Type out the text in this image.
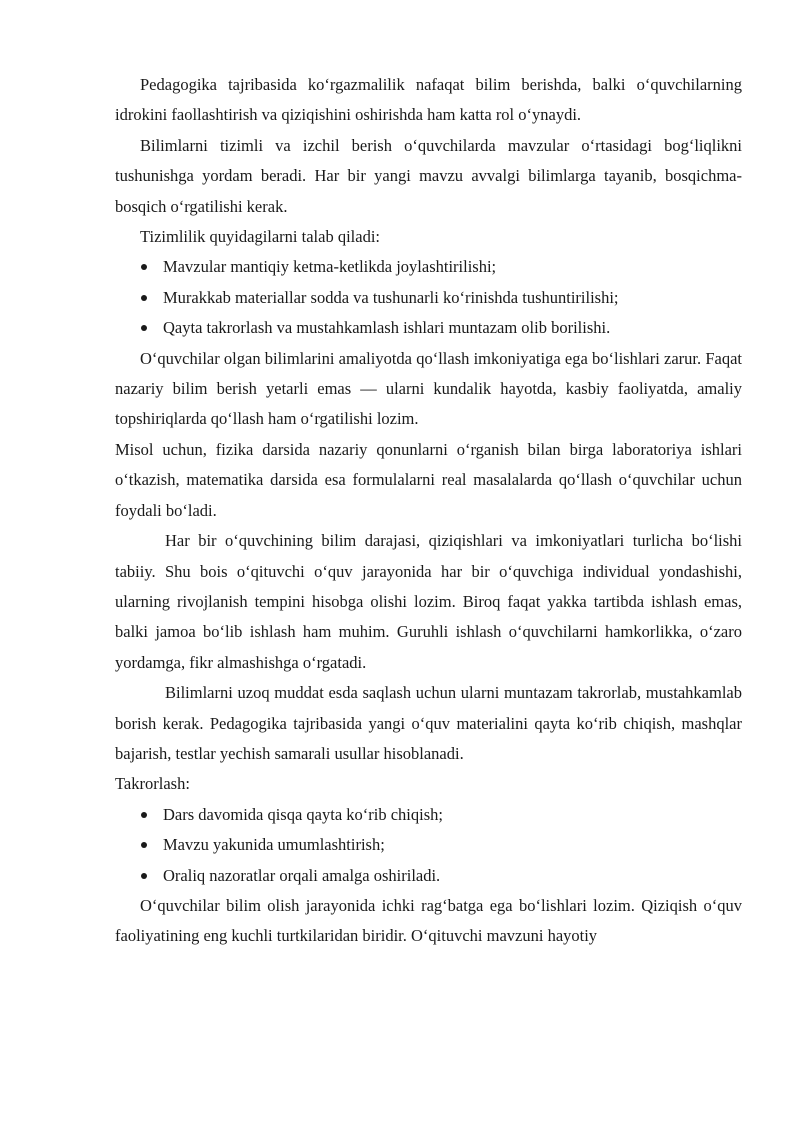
Pedagogika tajribasida ko‘rgazmalilik nafaqat bilim berishda, balki o‘quvchilarning idrokini faollashtirish va qiziqishini oshirishda ham katta rol o‘ynaydi.

Bilimlarni tizimli va izchil berish o‘quvchilarda mavzular o‘rtasidagi bog‘liqlikni tushunishga yordam beradi. Har bir yangi mavzu avvalgi bilimlarga tayanib, bosqichma-bosqich o‘rgatilishi kerak.

Tizimlilik quyidagilarni talab qiladi:

Mavzular mantiqiy ketma-ketlikda joylashtirilishi;
Murakkab materiallar sodda va tushunarli ko‘rinishda tushuntirilishi;
Qayta takrorlash va mustahkamlash ishlari muntazam olib borilishi.

O‘quvchilar olgan bilimlarini amaliyotda qo‘llash imkoniyatiga ega bo‘lishlari zarur. Faqat nazariy bilim berish yetarli emas — ularni kundalik hayotda, kasbiy faoliyatda, amaliy topshiriqlarda qo‘llash ham o‘rgatilishi lozim.

Misol uchun, fizika darsida nazariy qonunlarni o‘rganish bilan birga laboratoriya ishlari o‘tkazish, matematika darsida esa formulalarni real masalalarda qo‘llash o‘quvchilar uchun foydali bo‘ladi.

Har bir o‘quvchining bilim darajasi, qiziqishlari va imkoniyatlari turlicha bo‘lishi tabiiy. Shu bois o‘qituvchi o‘quv jarayonida har bir o‘quvchiga individual yondashishi, ularning rivojlanish tempini hisobga olishi lozim. Biroq faqat yakka tartibda ishlash emas, balki jamoa bo‘lib ishlash ham muhim. Guruhli ishlash o‘quvchilarni hamkorlikka, o‘zaro yordamga, fikr almashishga o‘rgatadi.

Bilimlarni uzoq muddat esda saqlash uchun ularni muntazam takrorlab, mustahkamlab borish kerak. Pedagogika tajribasida yangi o‘quv materialini qayta ko‘rib chiqish, mashqlar bajarish, testlar yechish samarali usullar hisoblanadi.

Takrorlash:

Dars davomida qisqa qayta ko‘rib chiqish;
Mavzu yakunida umumlashtirish;
Oraliq nazoratlar orqali amalga oshiriladi.

O‘quvchilar bilim olish jarayonida ichki rag‘batga ega bo‘lishlari lozim. Qiziqish o‘quv faoliyatining eng kuchli turtkilaridan biridir. O‘qituvchi mavzuni hayotiy
